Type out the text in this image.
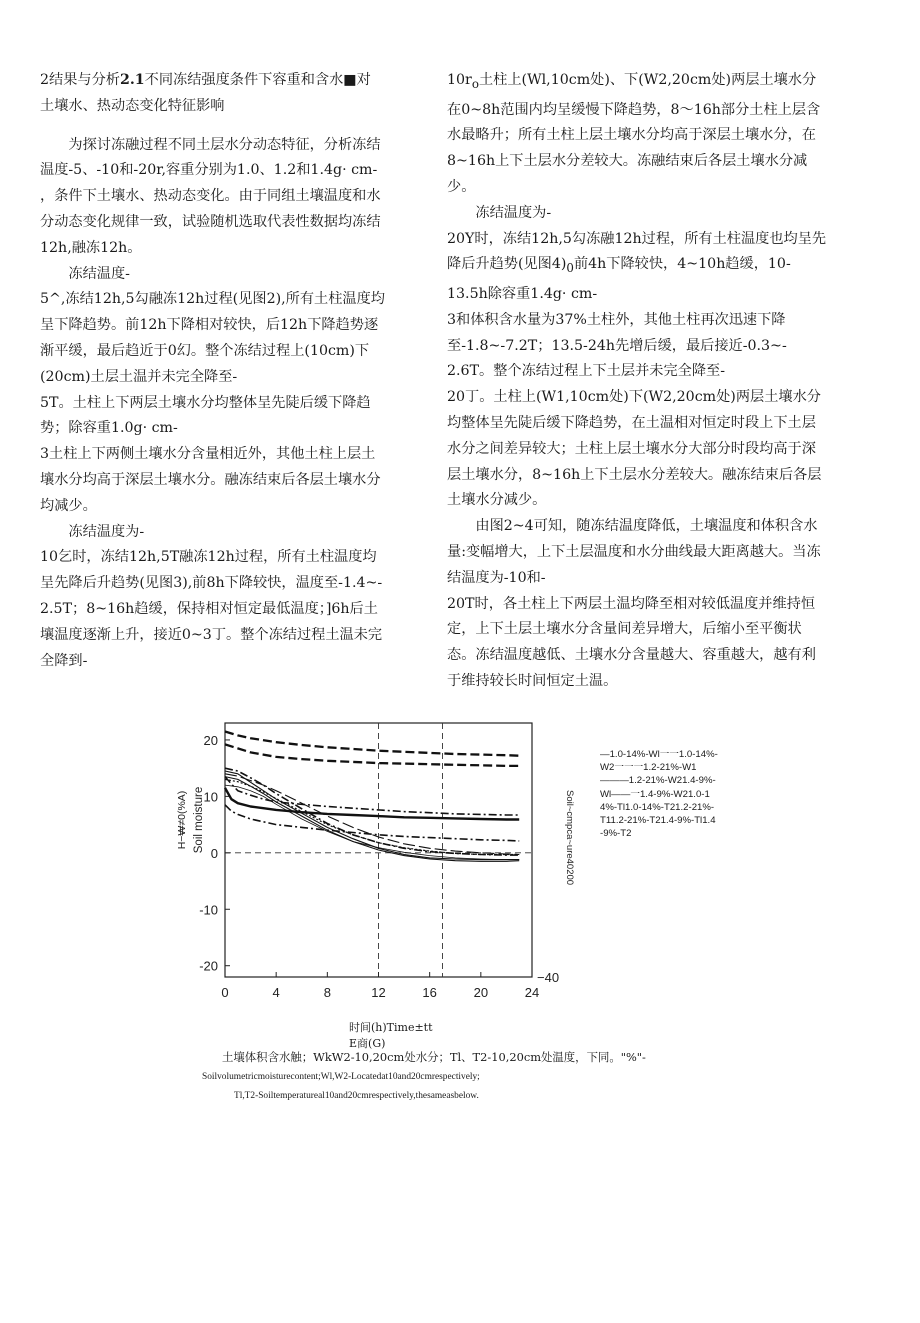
2结果与分析2.1不同冻结强度条件下容重和含水■对土壤水、热动态变化特征影响

为探讨冻融过程不同土层水分动态特征，分析冻结温度-5、-10和-20r,容重分别为1.0、1.2和1.4g· cm-

，条件下土壤水、热动态变化。由于同组土壤温度和水分动态变化规律一致，试验随机选取代表性数据均冻结12h,融冻12h。

冻结温度-

5^,冻结12h,5勾融冻12h过程(见图2),所有土柱温度均呈下降趋势。前12h下降相对较快，后12h下降趋势逐渐平缓，最后趋近于0幻。整个冻结过程上(10cm)下(20cm)土层土温并未完全降至-

5T。土柱上下两层土壤水分均整体呈先陡后缓下降趋势；除容重1.0g· cm-

3土柱上下两侧土壤水分含量相近外，其他土柱上层土壤水分均高于深层土壤水分。融冻结束后各层土壤水分均减少。

冻结温度为-

10乞时，冻结12h,5T融冻12h过程，所有土柱温度均呈先降后升趋势(见图3),前8h下降较快，温度至-1.4~-

2.5T；8~16h趋缓，保持相对恒定最低温度；]6h后土壤温度逐渐上升，接近0~3丁。整个冻结过程土温未完全降到-

$10r_o$土柱上(Wl,10cm处)、下(W2,20cm处)两层土壤水分在0~8h范围内均呈缓慢下降趋势，8〜16h部分土柱上层含水最略升；所有土柱上层土壤水分均高于深层土壤水分，在8~16h上下土层水分差较大。冻融结束后各层土壤水分减少。

冻结温度为-

20Y时，冻结12h,5勾冻融12h过程，所有土柱温度也均呈先降后升趋势(见图$4)_0$前4h下降较快，4~10h趋缓，10-13.5h除容重1.4g· cm-

3和体积含水量为37%土柱外，其他土柱再次迅速下降至-1.8~-7.2T；13.5-24h先增后缓，最后接近-0.3~-

2.6T。整个冻结过程上下土层并未完全降至-

20丁。土柱上(W1,10cm处)下(W2,20cm处)两层土壤水分均整体呈先陡后缓下降趋势，在土温相对恒定时段上下土层水分之间差异较大；土柱上层土壤水分大部分时段均高于深层土壤水分，8~16h上下土层水分差较大。融冻结束后各层土壤水分减少。

由图2~4可知，随冻结温度降低，土壤温度和体积含水量:变幅增大，上下土层温度和水分曲线最大距离越大。当冻结温度为-10和-

20T时，各土柱上下两层土温均降至相对较低温度并维持恒定，上下土层土壤水分含量间差异增大，后缩小至平衡状态。冻结温度越低、土壤水分含量越大、容重越大，越有利于维持较长时间恒定土温。

0	4	8	12	16	20	24
20
10
0
-10
-20
−40
H−₩≠0(%A) Soil moisture	Soil~cmpca~ure40200
—1.0-14%-Wl一一1.0-14%-W2一一一1.2-21%-W1———1.2-21%-W21.4-9%-Wl——一1.4-9%-W21.0-14%-Tl1.0-14%-T21.2-21%-T11.2-21%-T21.4-9%-Tl1.4-9%-T2
时间(h)Time±tt
E商(G)
土壤体积含水触；WkW2-10,20cm处水分；Tl、T2-10,20cm处温度，下同。"%"-
Soilvolumetricmoisturecontent;Wl,W2-Locatedat10and20cmrespectively;
Tl,T2-Soiltemperatureal10and20cmrespectively,thesameasbelow.
